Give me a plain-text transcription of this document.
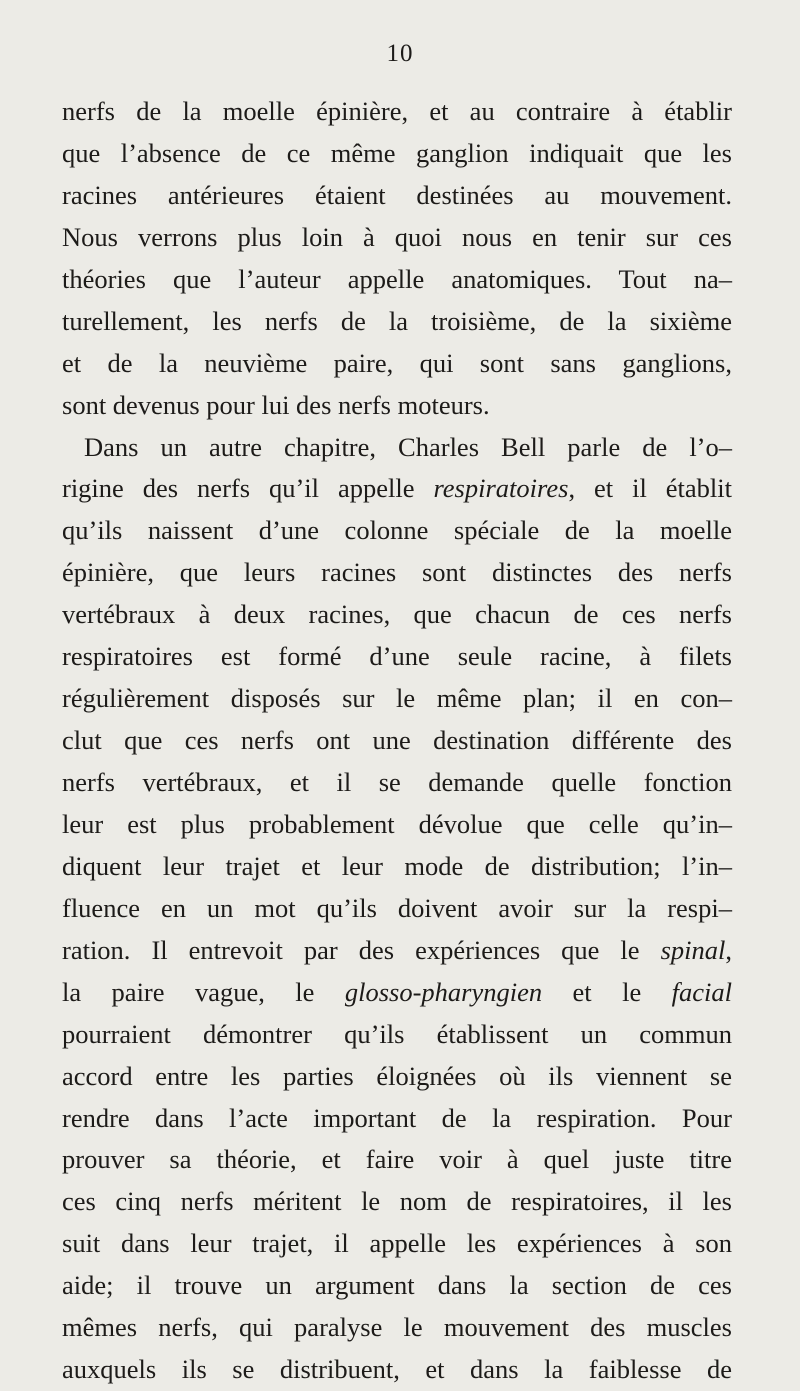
10
nerfs de la moelle épinière, et au contraire à établir
que l’absence de ce même ganglion indiquait que les
racines antérieures étaient destinées au mouvement.
Nous verrons plus loin à quoi nous en tenir sur ces
théories que l’auteur appelle anatomiques. Tout na–
turellement, les nerfs de la troisième, de la sixième
et de la neuvième paire, qui sont sans ganglions,
sont devenus pour lui des nerfs moteurs.
Dans un autre chapitre, Charles Bell parle de l’o–
rigine des nerfs qu’il appelle respiratoires, et il établit
qu’ils naissent d’une colonne spéciale de la moelle
épinière, que leurs racines sont distinctes des nerfs
vertébraux à deux racines, que chacun de ces nerfs
respiratoires est formé d’une seule racine, à filets
régulièrement disposés sur le même plan; il en con–
clut que ces nerfs ont une destination différente des
nerfs vertébraux, et il se demande quelle fonction
leur est plus probablement dévolue que celle qu’in–
diquent leur trajet et leur mode de distribution; l’in–
fluence en un mot qu’ils doivent avoir sur la respi–
ration. Il entrevoit par des expériences que le spinal,
la paire vague, le glosso-pharyngien et le facial
pourraient démontrer qu’ils établissent un commun
accord entre les parties éloignées où ils viennent se
rendre dans l’acte important de la respiration. Pour
prouver sa théorie, et faire voir à quel juste titre
ces cinq nerfs méritent le nom de respiratoires, il les
suit dans leur trajet, il appelle les expériences à son
aide; il trouve un argument dans la section de ces
mêmes nerfs, qui paralyse le mouvement des muscles
auxquels ils se distribuent, et dans la faiblesse de
